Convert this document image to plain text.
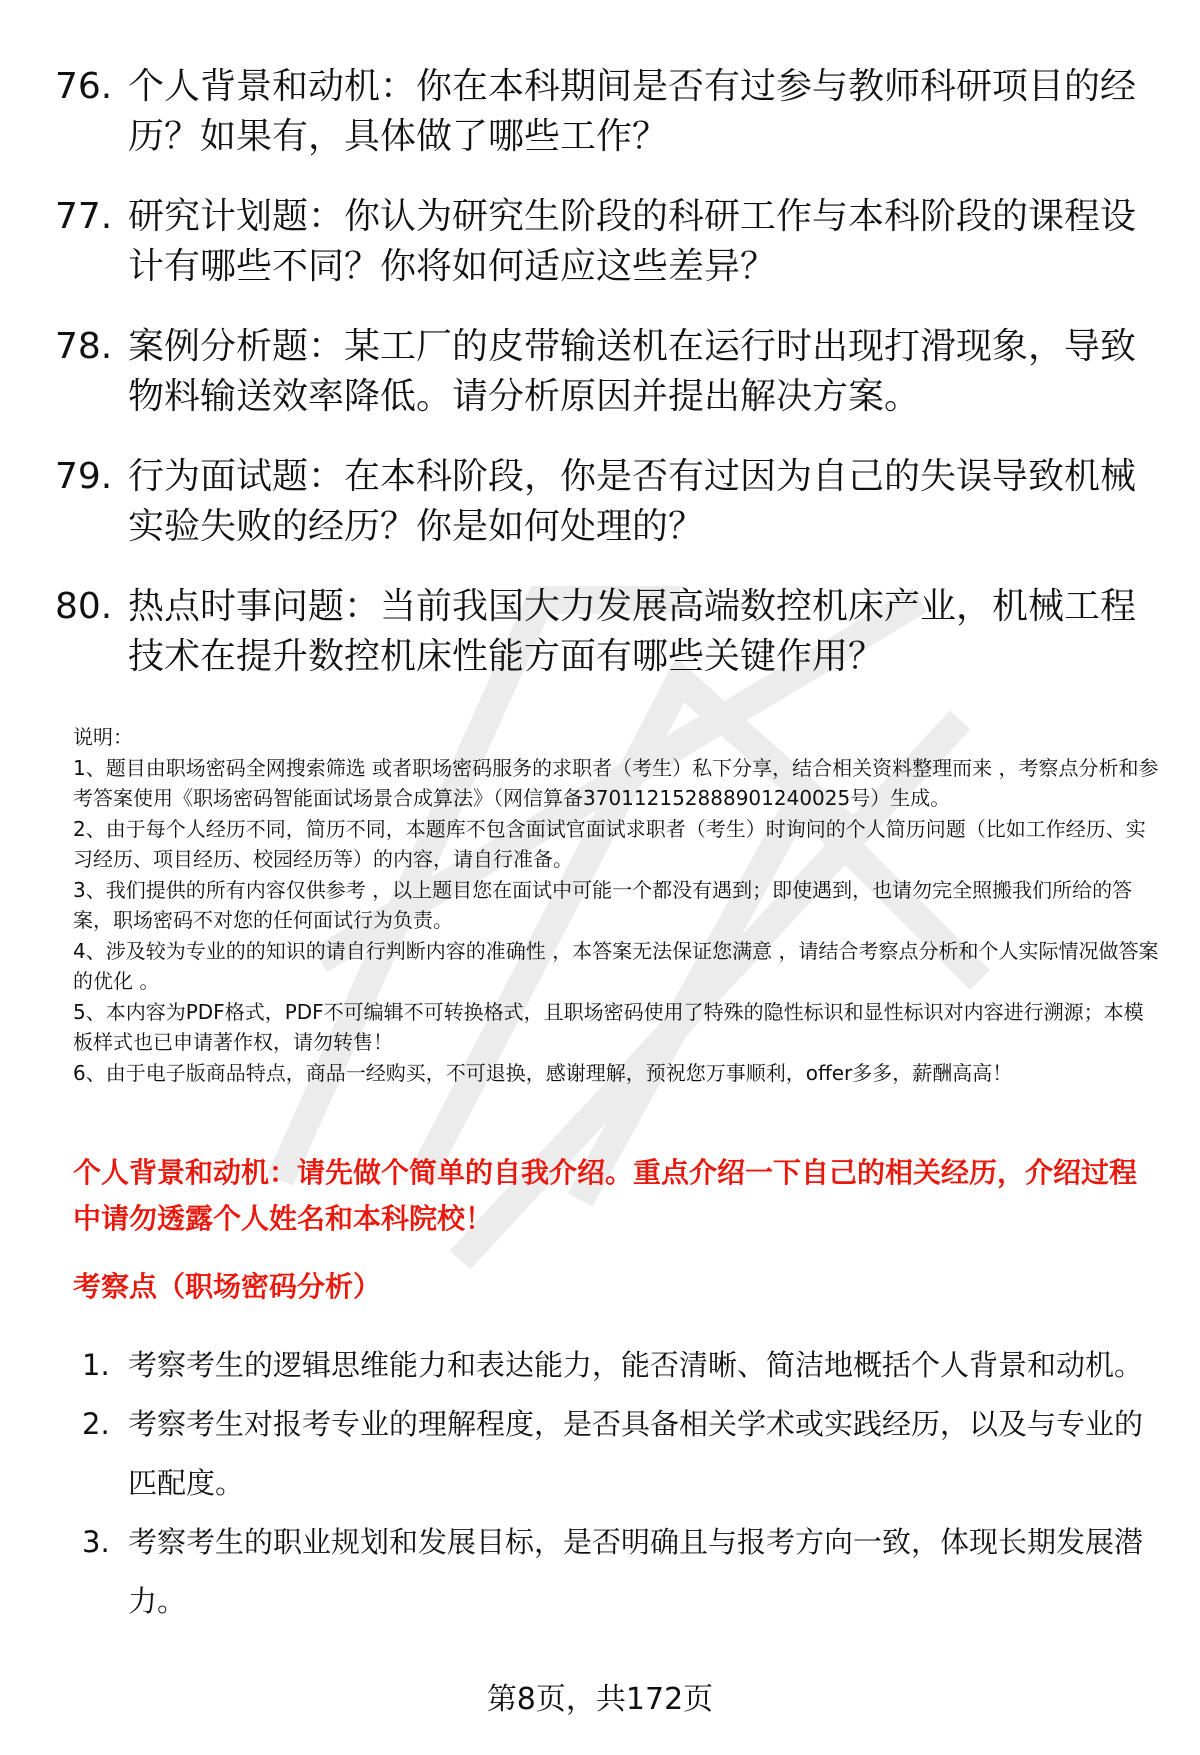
76. 个人背景和动机：你在本科期间是否有过参与教师科研项目的经历？如果有，具体做了哪些工作？
77. 研究计划题：你认为研究生阶段的科研工作与本科阶段的课程设计有哪些不同？你将如何适应这些差异？
78. 案例分析题：某工厂的皮带输送机在运行时出现打滑现象，导致物料输送效率降低。请分析原因并提出解决方案。
79. 行为面试题：在本科阶段，你是否有过因为自己的失误导致机械实验失败的经历？你是如何处理的？
80. 热点时事问题：当前我国大力发展高端数控机床产业，机械工程技术在提升数控机床性能方面有哪些关键作用？

说明：

1、题目由职场密码全网搜索筛选 或者职场密码服务的求职者（考生）私下分享，结合相关资料整理而来 ，考察点分析和参考答案使用《职场密码智能面试场景合成算法》（网信算备370112152888901240025号）生成。

2、由于每个人经历不同，简历不同，本题库不包含面试官面试求职者（考生）时询问的个人简历问题（比如工作经历、实习经历、项目经历、校园经历等）的内容，请自行准备。

3、我们提供的所有内容仅供参考 ，以上题目您在面试中可能一个都没有遇到；即使遇到，也请勿完全照搬我们所给的答案，职场密码不对您的任何面试行为负责。

4、涉及较为专业的的知识的请自行判断内容的准确性 ，本答案无法保证您满意 ，请结合考察点分析和个人实际情况做答案的优化 。

5、本内容为PDF格式，PDF不可编辑不可转换格式，且职场密码使用了特殊的隐性标识和显性标识对内容进行溯源；本模板样式也已申请著作权，请勿转售！

6、由于电子版商品特点，商品一经购买，不可退换，感谢理解，预祝您万事顺利，offer多多，薪酬高高！

个人背景和动机：请先做个简单的自我介绍。重点介绍一下自己的相关经历，介绍过程中请勿透露个人姓名和本科院校！
考察点（职场密码分析）
1. 考察考生的逻辑思维能力和表达能力，能否清晰、简洁地概括个人背景和动机。
2. 考察考生对报考专业的理解程度，是否具备相关学术或实践经历，以及与专业的匹配度。
3. 考察考生的职业规划和发展目标，是否明确且与报考方向一致，体现长期发展潜力。
第8页，共172页
